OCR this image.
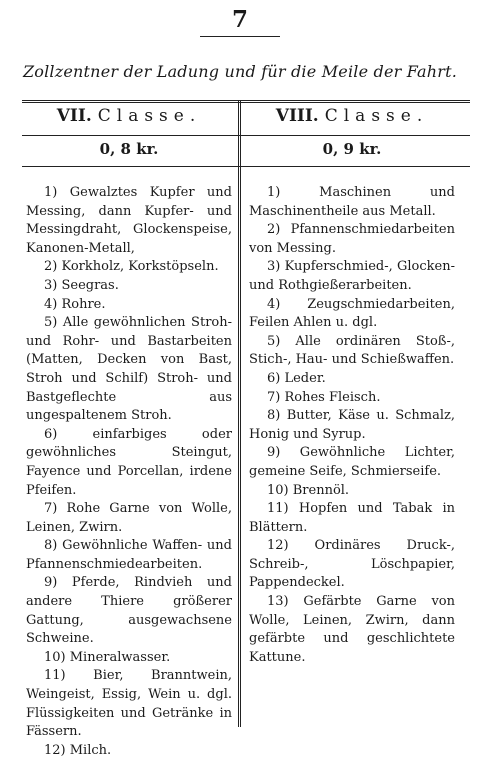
7
Zollzentner der Ladung und für die Meile der Fahrt.
VII. Classe.
0, 8 kr.
1) Gewalztes Kupfer und Messing, dann Kupfer- und Messingdraht, Glockenspeise, Kanonen-Metall,
2) Korkholz, Korkstöpseln.
3) Seegras.
4) Rohre.
5) Alle gewöhnlichen Stroh- und Rohr- und Bastarbeiten (Matten, Decken von Bast, Stroh und Schilf) Stroh- und Bastgeflechte aus ungespaltenem Stroh.
6) einfarbiges oder gewöhnliches Steingut, Fayence und Porcellan, irdene Pfeifen.
7) Rohe Garne von Wolle, Leinen, Zwirn.
8) Gewöhnliche Waffen- und Pfannenschmiedearbeiten.
9) Pferde, Rindvieh und andere Thiere größerer Gattung, ausgewachsene Schweine.
10) Mineralwasser.
11) Bier, Branntwein, Weingeist, Essig, Wein u. dgl. Flüssigkeiten und Getränke in Fässern.
12) Milch.
VIII. Classe.
0, 9 kr.
1) Maschinen und Maschinentheile aus Metall.
2) Pfannenschmiedarbeiten von Messing.
3) Kupferschmied-, Glocken- und Rothgießerarbeiten.
4) Zeugschmiedarbeiten, Feilen Ahlen u. dgl.
5) Alle ordinären Stoß-, Stich-, Hau- und Schießwaffen.
6) Leder.
7) Rohes Fleisch.
8) Butter, Käse u. Schmalz, Honig und Syrup.
9) Gewöhnliche Lichter, gemeine Seife, Schmierseife.
10) Brennöl.
11) Hopfen und Tabak in Blättern.
12) Ordinäres Druck-, Schreib-, Löschpapier, Pappendeckel.
13) Gefärbte Garne von Wolle, Leinen, Zwirn, dann gefärbte und geschlichtete Kattune.
